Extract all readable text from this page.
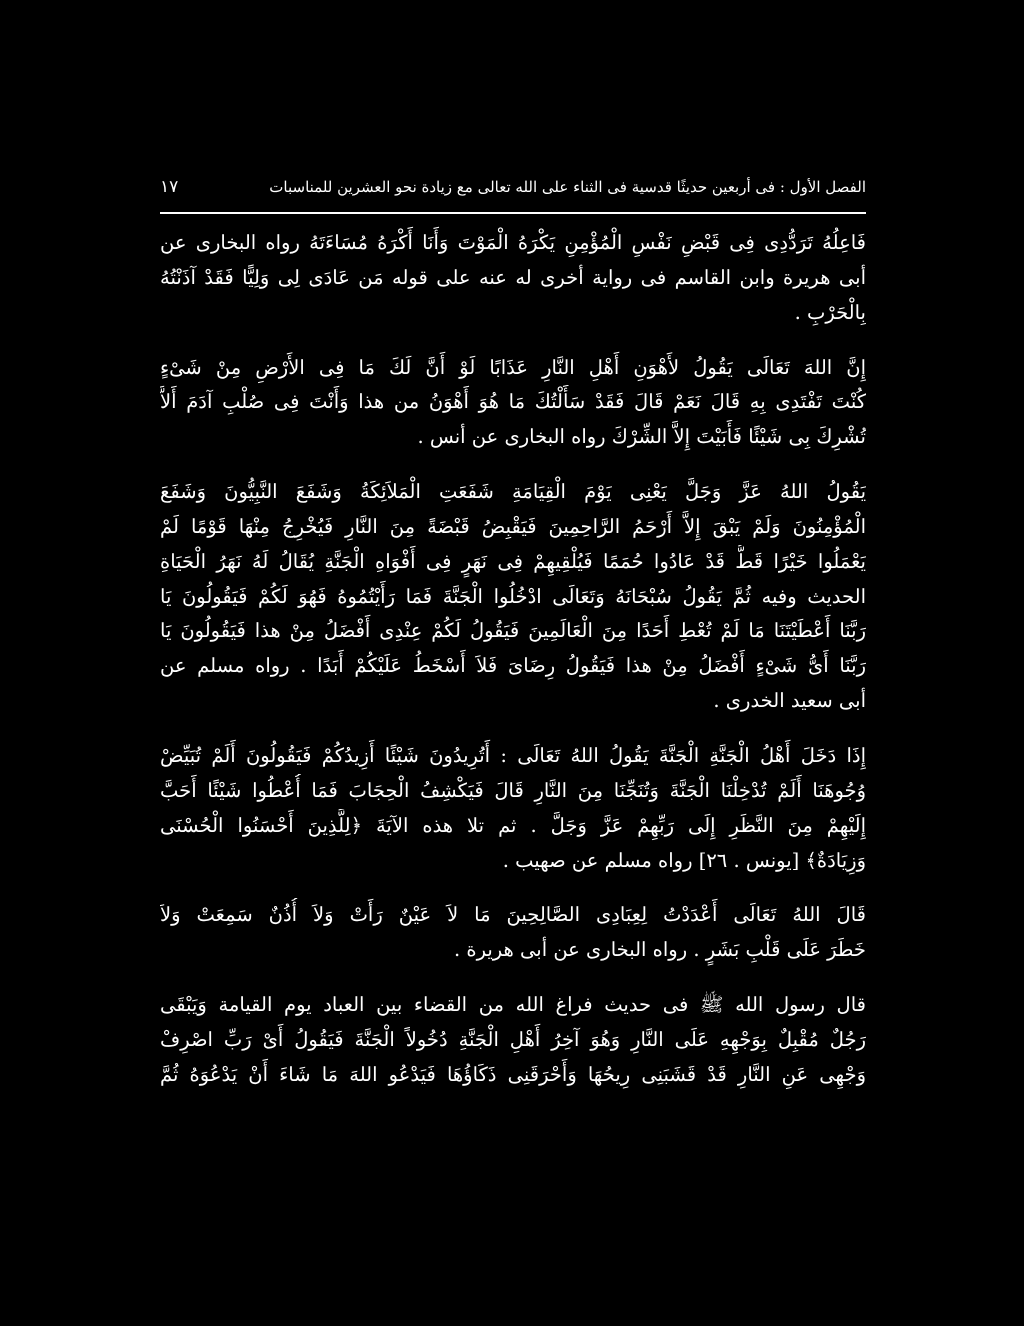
الفصل الأول : فى أربعين حديثًا قدسية فى الثناء على الله تعالى مع زيادة نحو العشرين للمناسبات
١٧
فَاعِلُهُ تَرَدُّدِى فِى قَبْضِ نَفْسِ الْمُؤْمِنِ يَكْرَهُ الْمَوْتَ وَأَنَا أَكْرَهُ مُسَاءَتَهُ رواه البخارى عن
أبى هريرة وابن القاسم فى رواية أخرى له عنه على قوله مَن عَادَى لِى وَلِيًّا فَقَدْ آذَنْتُهُ
بِالْحَرْبِ .
إِنَّ اللهَ تَعَالَى يَقُولُ لأَهْوَنِ أَهْلِ النَّارِ عَذَابًا لَوْ أَنَّ لَكَ مَا فِى الأَرْضِ مِنْ شَىْءٍ
كُنْتَ تَفْتَدِى بِهِ قَالَ نَعَمْ قَالَ فَقَدْ سَأَلْتُكَ مَا هُوَ أَهْوَنُ من هذا وَأَنْتَ فِى صُلْبِ آدَمَ أَلاَّ
تُشْرِكَ بِى شَيْئًا فَأَبَيْتَ إِلاَّ الشِّرْكَ رواه البخارى عن أنس .
يَقُولُ اللهُ عَزَّ وَجَلَّ يَعْنِى يَوْمَ الْقِيَامَةِ شَفَعَتِ الْمَلاَئِكَةُ وَشَفَعَ النَّبِيُّونَ وَشَفَعَ
الْمُؤْمِنُونَ وَلَمْ يَبْقَ إِلاَّ أَرْحَمُ الرَّاحِمِينَ فَيَقْبِضُ قَبْضَةً مِنَ النَّارِ فَيُخْرِجُ مِنْهَا قَوْمًا لَمْ
يَعْمَلُوا خَيْرًا قَطُّ قَدْ عَادُوا حُمَمًا فَيُلْقِيهِمْ فِى نَهَرٍ فِى أَفْوَاهِ الْجَنَّةِ يُقَالُ لَهُ نَهَرُ الْحَيَاةِ
الحديث وفيه ثُمَّ يَقُولُ سُبْحَانَهُ وَتَعَالَى ادْخُلُوا الْجَنَّةَ فَمَا رَأَيْتُمُوهُ فَهُوَ لَكُمْ فَيَقُولُونَ يَا
رَبَّنَا أَعْطَيْتَنَا مَا لَمْ تُعْطِ أَحَدًا مِنَ الْعَالَمِينَ فَيَقُولُ لَكُمْ عِنْدِى أَفْضَلُ مِنْ هذا فَيَقُولُونَ يَا
رَبَّنَا أَىُّ شَىْءٍ أَفْضَلُ مِنْ هذا فَيَقُولُ رِضَاىَ فَلاَ أَسْخَطُ عَلَيْكُمْ أَبَدًا . رواه مسلم عن
أبى سعيد الخدرى .
إِذَا دَخَلَ أَهْلُ الْجَنَّةِ الْجَنَّةَ يَقُولُ اللهُ تَعَالَى : أَتُرِيدُونَ شَيْئًا أَزِيدُكُمْ فَيَقُولُونَ أَلَمْ تُبَيِّضْ
وُجُوهَنَا أَلَمْ تُدْخِلْنَا الْجَنَّةَ وَتُنَجِّنَا مِنَ النَّارِ قَالَ فَيَكْشِفُ الْحِجَابَ فَمَا أُعْطُوا شَيْئًا أَحَبَّ
إِلَيْهِمْ مِنَ النَّظَرِ إِلَى رَبِّهِمْ عَزَّ وَجَلَّ . ثم تلا هذه الآيَةَ ﴿لِلَّذِينَ أَحْسَنُوا الْحُسْنَى
وَزِيَادَةٌ﴾ [يونس . ٢٦] رواه مسلم عن صهيب .
قَالَ اللهُ تَعَالَى أَعْدَدْتُ لِعِبَادِى الصَّالِحِينَ مَا لاَ عَيْنٌ رَأَتْ وَلاَ أُذُنٌ سَمِعَتْ وَلاَ
خَطَرَ عَلَى قَلْبِ بَشَرٍ . رواه البخارى عن أبى هريرة .
قال رسول الله ﷺ فى حديث فراغ الله من القضاء بين العباد يوم القيامة وَيَبْقَى
رَجُلٌ مُقْبِلٌ بِوَجْهِهِ عَلَى النَّارِ وَهُوَ آخِرُ أَهْلِ الْجَنَّةِ دُخُولاً الْجَنَّةَ فَيَقُولُ أَىْ رَبِّ اصْرِفْ
وَجْهِى عَنِ النَّارِ قَدْ قَشَبَنِى رِيحُهَا وَأَحْرَقَنِى ذَكَاؤُهَا فَيَدْعُو اللهَ مَا شَاءَ أَنْ يَدْعُوَهُ ثُمَّ
